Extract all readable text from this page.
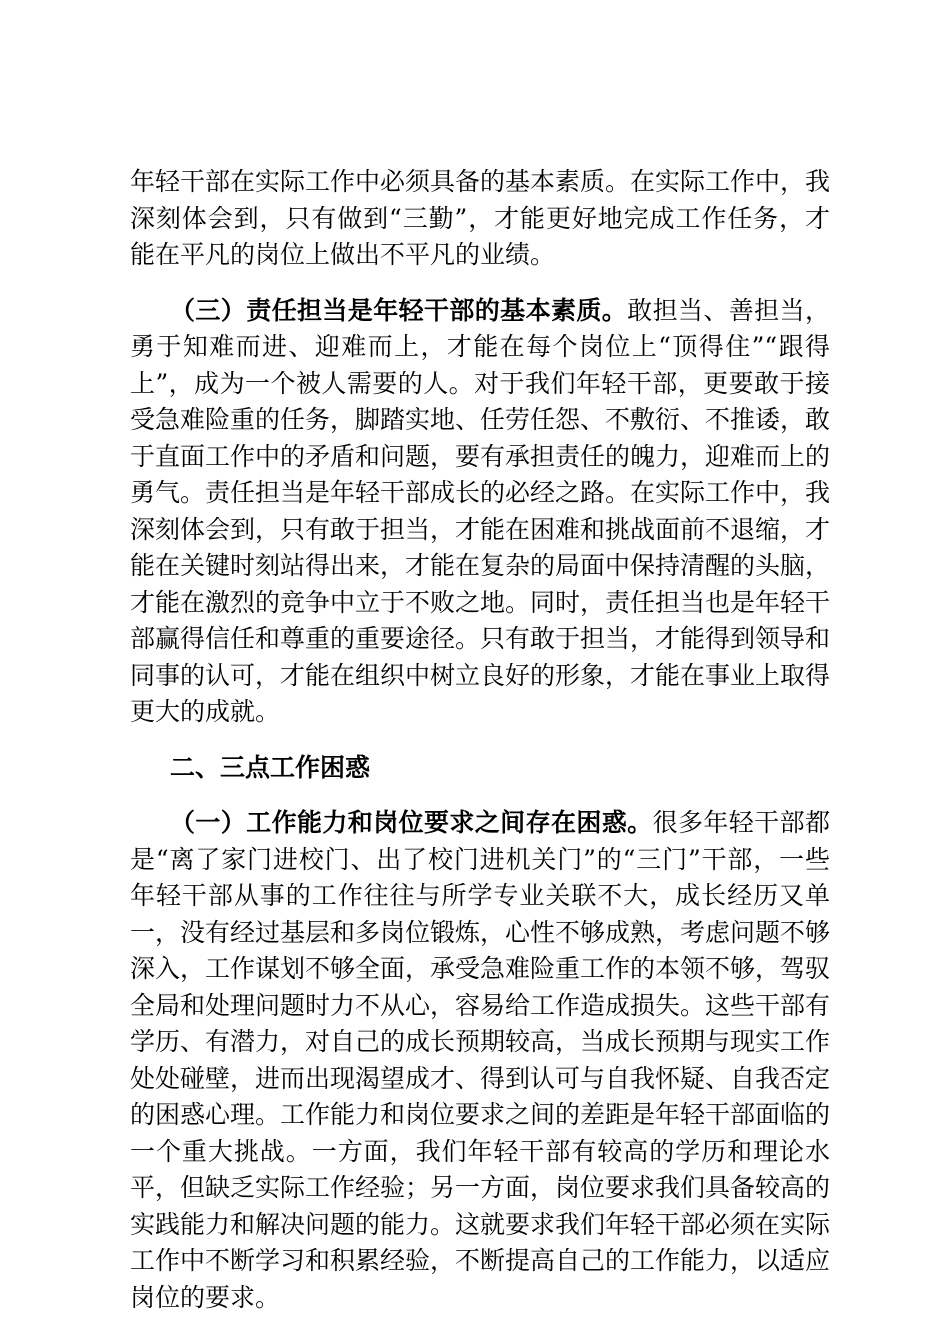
年轻干部在实际工作中必须具备的基本素质。在实际工作中，我深刻体会到，只有做到“三勤”，才能更好地完成工作任务，才能在平凡的岗位上做出不平凡的业绩。

（三）责任担当是年轻干部的基本素质。敢担当、善担当，勇于知难而进、迎难而上，才能在每个岗位上“顶得住”“跟得上”，成为一个被人需要的人。对于我们年轻干部，更要敢于接受急难险重的任务，脚踏实地、任劳任怨、不敷衍、不推诿，敢于直面工作中的矛盾和问题，要有承担责任的魄力，迎难而上的勇气。责任担当是年轻干部成长的必经之路。在实际工作中，我深刻体会到，只有敢于担当，才能在困难和挑战面前不退缩，才能在关键时刻站得出来，才能在复杂的局面中保持清醒的头脑，才能在激烈的竞争中立于不败之地。同时，责任担当也是年轻干部赢得信任和尊重的重要途径。只有敢于担当，才能得到领导和同事的认可，才能在组织中树立良好的形象，才能在事业上取得更大的成就。

二、三点工作困惑

（一）工作能力和岗位要求之间存在困惑。很多年轻干部都是“离了家门进校门、出了校门进机关门”的“三门”干部，一些年轻干部从事的工作往往与所学专业关联不大，成长经历又单一，没有经过基层和多岗位锻炼，心性不够成熟，考虑问题不够深入，工作谋划不够全面，承受急难险重工作的本领不够，驾驭全局和处理问题时力不从心，容易给工作造成损失。这些干部有学历、有潜力，对自己的成长预期较高，当成长预期与现实工作处处碰壁，进而出现渴望成才、得到认可与自我怀疑、自我否定的困惑心理。工作能力和岗位要求之间的差距是年轻干部面临的一个重大挑战。一方面，我们年轻干部有较高的学历和理论水平，但缺乏实际工作经验；另一方面，岗位要求我们具备较高的实践能力和解决问题的能力。这就要求我们年轻干部必须在实际工作中不断学习和积累经验，不断提高自己的工作能力，以适应岗位的要求。
